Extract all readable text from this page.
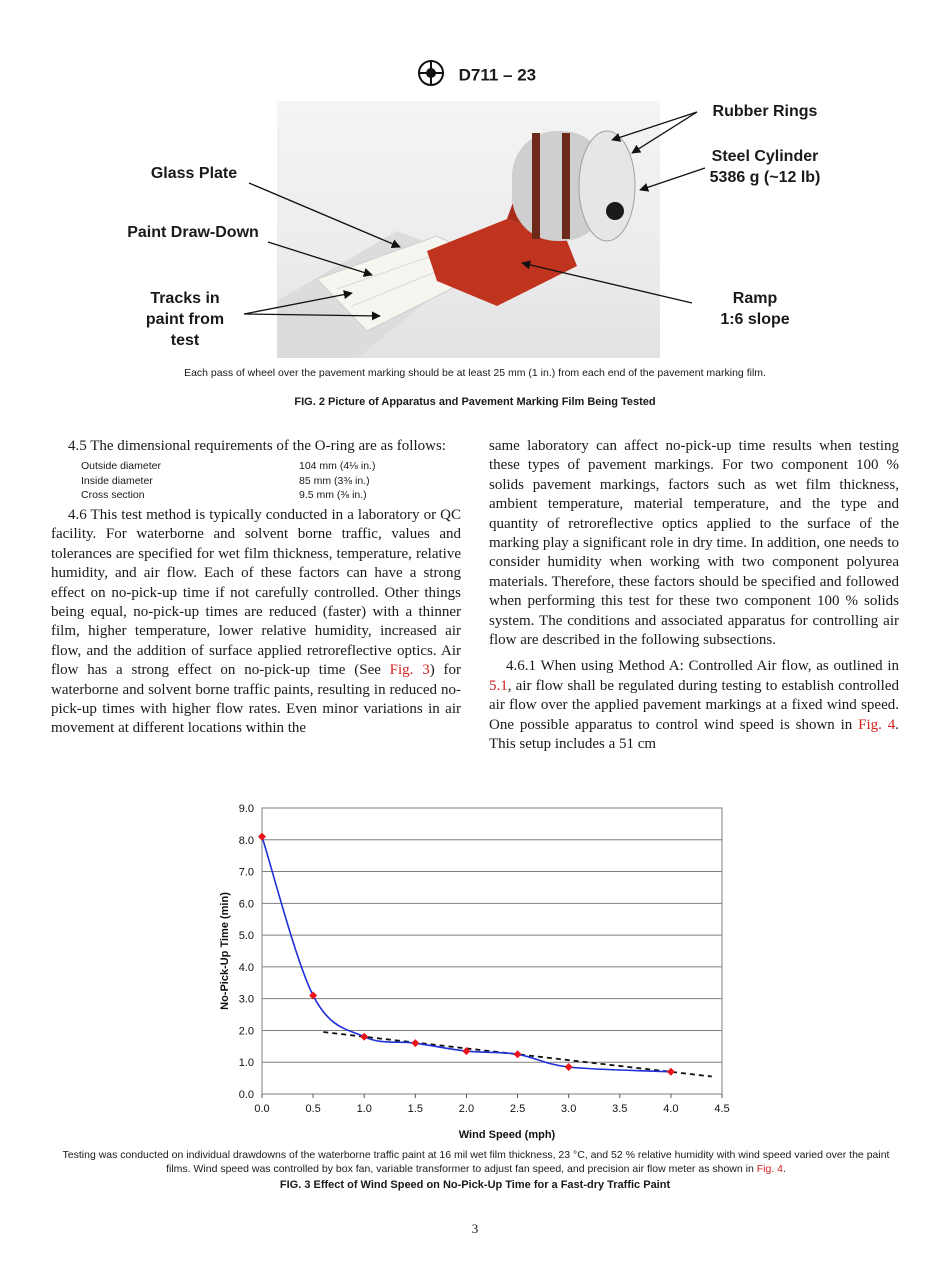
D711 – 23
Rubber Rings
Steel Cylinder
5386 g (~12 lb)
Glass Plate
Paint Draw-Down
Tracks in
paint from
test
Ramp
1:6 slope
Each pass of wheel over the pavement marking should be at least 25 mm (1 in.) from each end of the pavement marking film.
FIG. 2 Picture of Apparatus and Pavement Marking Film Being Tested

4.5 The dimensional requirements of the O-ring are as follows:

Outside diameter	104 mm (4⅛ in.)
Inside diameter	85 mm (3⅜ in.)
Cross section	9.5 mm (⅜ in.)

4.6 This test method is typically conducted in a laboratory or QC facility. For waterborne and solvent borne traffic, values and tolerances are specified for wet film thickness, temperature, relative humidity, and air flow. Each of these factors can have a strong effect on no-pick-up time if not carefully controlled. Other things being equal, no-pick-up times are reduced (faster) with a thinner film, higher temperature, lower relative humidity, increased air flow, and the addition of surface applied retroreflective optics. Air flow has a strong effect on no-pick-up time (See Fig. 3) for waterborne and solvent borne traffic paints, resulting in reduced no-pick-up times with higher flow rates. Even minor variations in air movement at different locations within the

same laboratory can affect no-pick-up time results when testing these types of pavement markings. For two component 100 % solids pavement markings, factors such as wet film thickness, ambient temperature, material temperature, and the type and quantity of retroreflective optics applied to the surface of the marking play a significant role in dry time. In addition, one needs to consider humidity when working with two component polyurea materials. Therefore, these factors should be specified and followed when performing this test for these two component 100 % solids system. The conditions and associated apparatus for controlling air flow are described in the following subsections.

4.6.1 When using Method A: Controlled Air flow, as outlined in 5.1, air flow shall be regulated during testing to establish controlled air flow over the applied pavement markings at a fixed wind speed. One possible apparatus to control wind speed is shown in Fig. 4. This setup includes a 51 cm

0.0
1.0
2.0
3.0
4.0
5.0
6.0
7.0
8.0
9.0
0.0	0.5	1.0	1.5	2.0	2.5	3.0	3.5	4.0	4.5
Wind Speed (mph)
No-Pick-Up Time (min)
Testing was conducted on individual drawdowns of the waterborne traffic paint at 16 mil wet film thickness, 23 °C, and 52 % relative humidity with wind speed varied over the paint films. Wind speed was controlled by box fan, variable transformer to adjust fan speed, and precision air flow meter as shown in Fig. 4.
FIG. 3 Effect of Wind Speed on No-Pick-Up Time for a Fast-dry Traffic Paint
3
